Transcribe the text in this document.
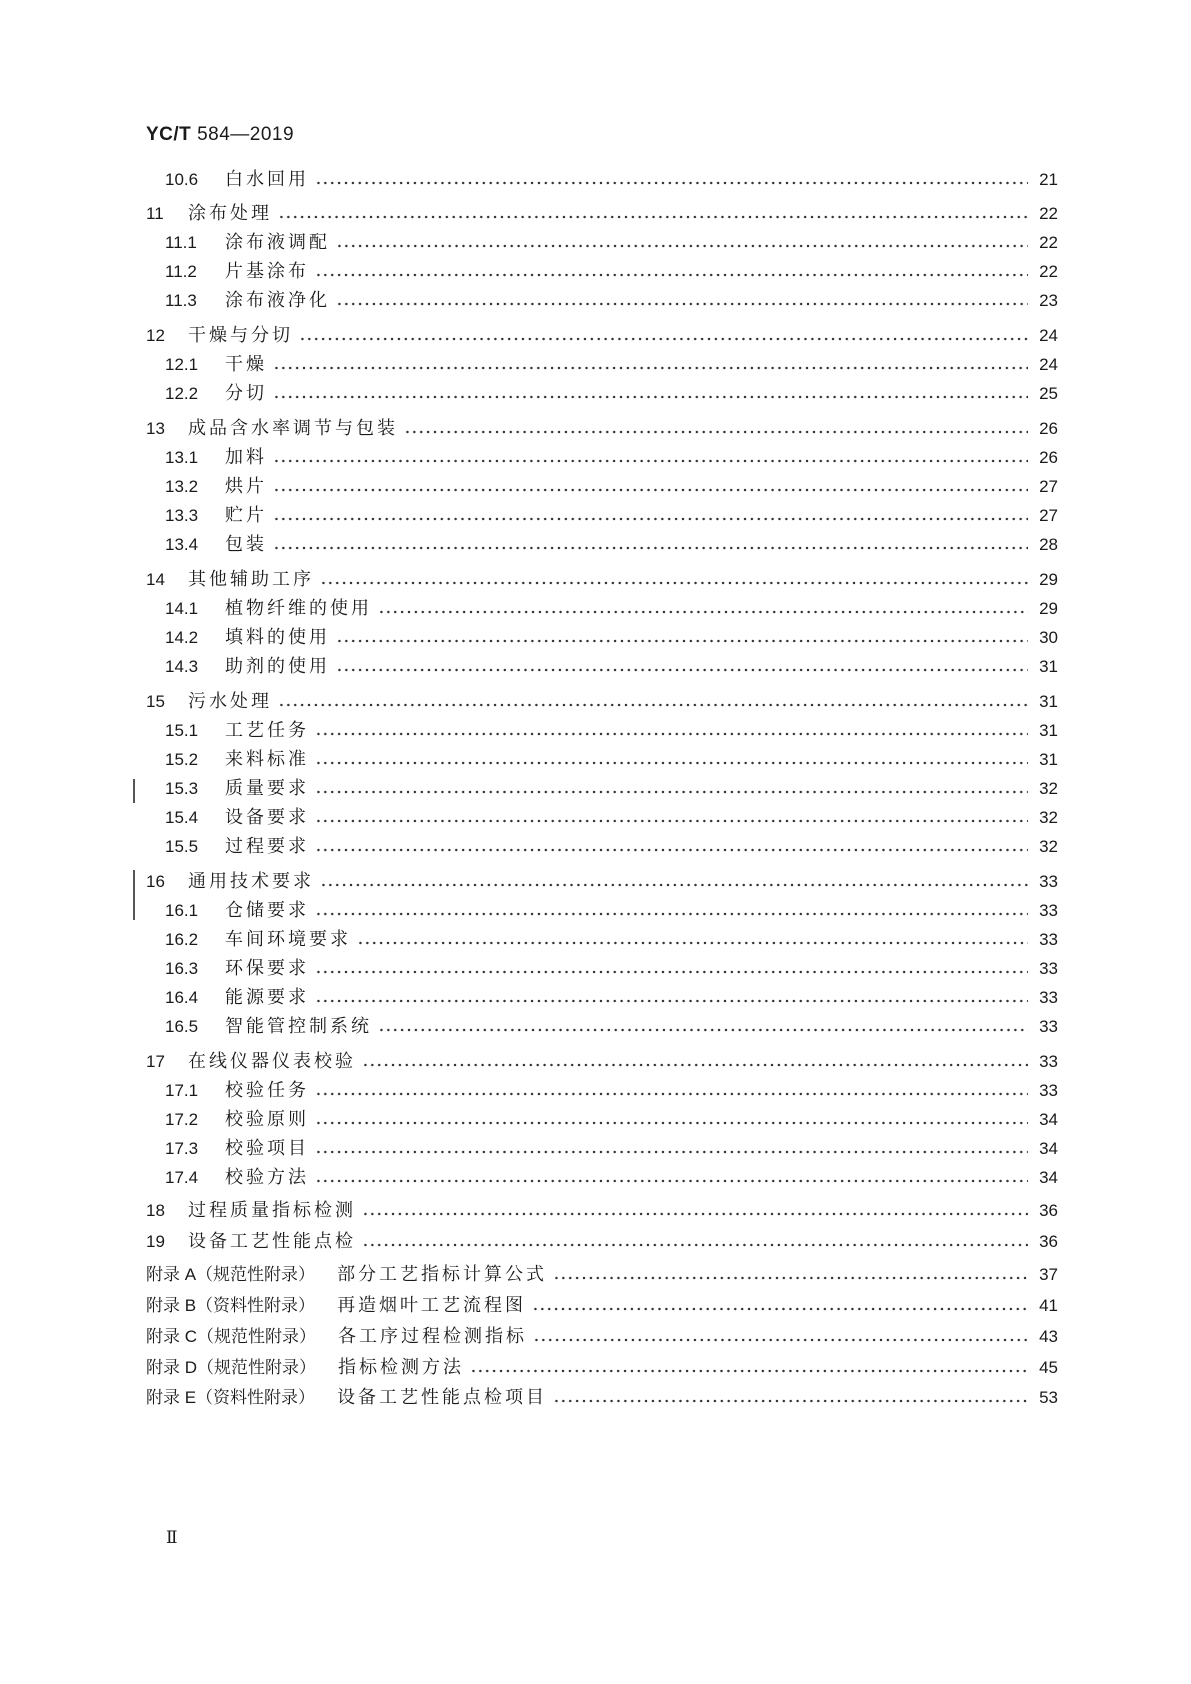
YC/T 584—2019
10.6	白水回用	21
11	涂布处理	22
11.1	涂布液调配	22
11.2	片基涂布	22
11.3	涂布液净化	23
12	干燥与分切	24
12.1	干燥	24
12.2	分切	25
13	成品含水率调节与包装	26
13.1	加料	26
13.2	烘片	27
13.3	贮片	27
13.4	包装	28
14	其他辅助工序	29
14.1	植物纤维的使用	29
14.2	填料的使用	30
14.3	助剂的使用	31
15	污水处理	31
15.1	工艺任务	31
15.2	来料标准	31
15.3	质量要求	32
15.4	设备要求	32
15.5	过程要求	32
16	通用技术要求	33
16.1	仓储要求	33
16.2	车间环境要求	33
16.3	环保要求	33
16.4	能源要求	33
16.5	智能管控制系统	33
17	在线仪器仪表校验	33
17.1	校验任务	33
17.2	校验原则	34
17.3	校验项目	34
17.4	校验方法	34
18	过程质量指标检测	36
19	设备工艺性能点检	36
附录 A（规范性附录） 部分工艺指标计算公式	37
附录 B（资料性附录） 再造烟叶工艺流程图	41
附录 C（规范性附录） 各工序过程检测指标	43
附录 D（规范性附录） 指标检测方法	45
附录 E（资料性附录） 设备工艺性能点检项目	53
Ⅱ
